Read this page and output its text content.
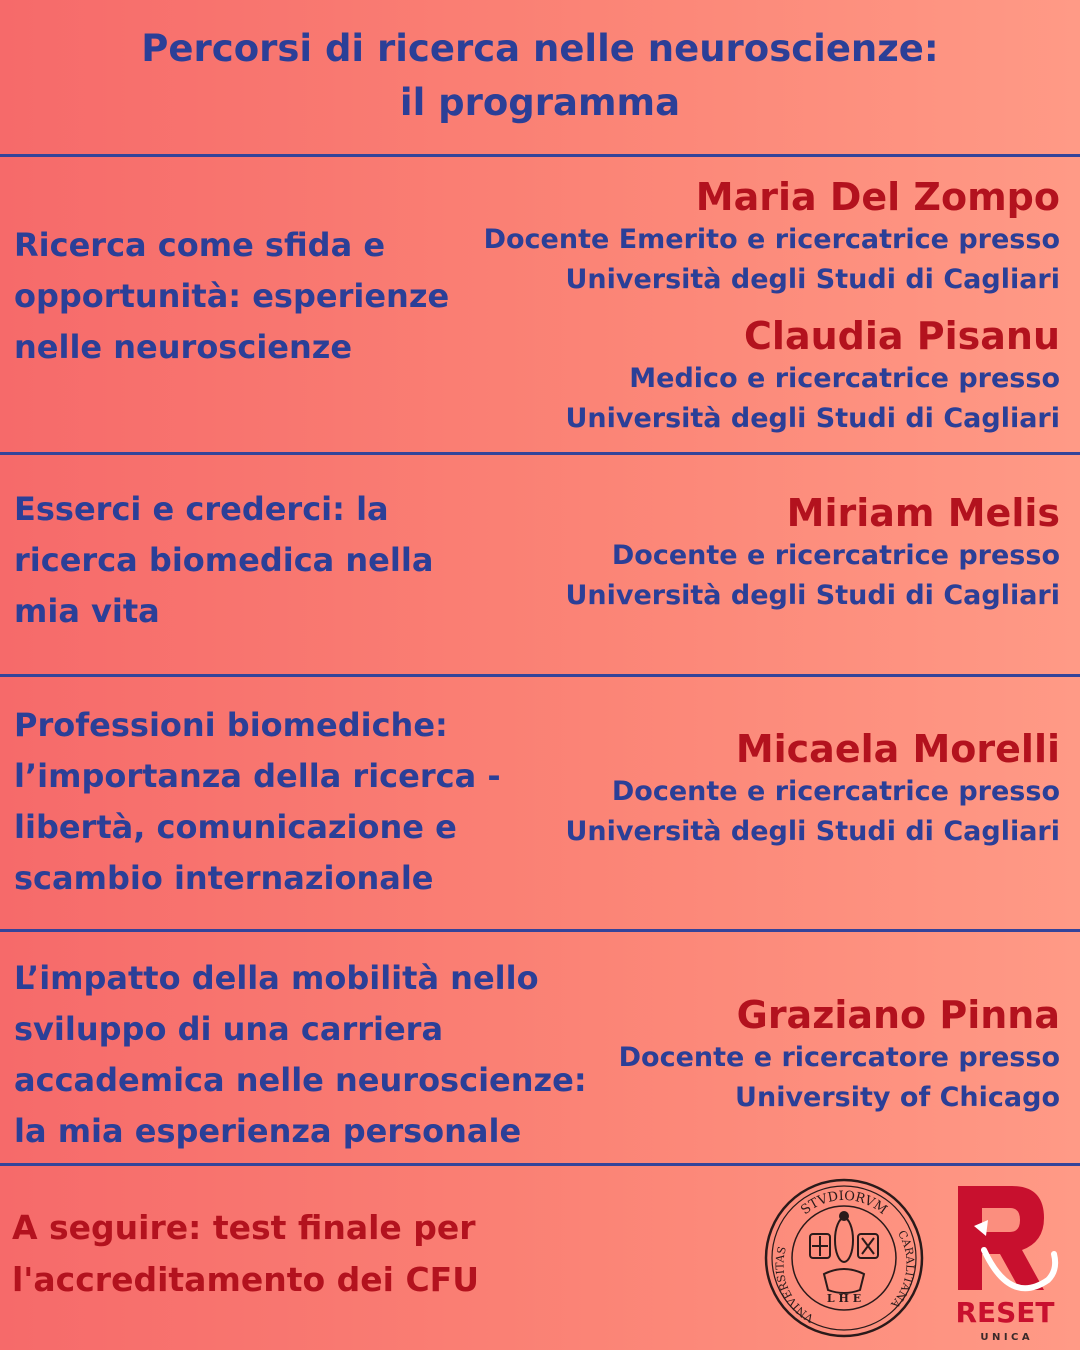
Percorsi di ricerca nelle neuroscienze:
il programma
Ricerca come sfida e
opportunità: esperienze
nelle neuroscienze
Maria Del Zompo
Docente Emerito e ricercatrice presso
Università degli Studi di Cagliari
Claudia Pisanu
Medico e ricercatrice presso
Università degli Studi di Cagliari
Esserci e crederci: la
ricerca biomedica nella
mia vita
Miriam Melis
Docente e ricercatrice presso
Università degli Studi di Cagliari
Professioni biomediche:
l’importanza della ricerca -
libertà, comunicazione e
scambio internazionale
Micaela Morelli
Docente e ricercatrice presso
Università degli Studi di Cagliari
L’impatto della mobilità nello
sviluppo di una carriera
accademica nelle neuroscienze:
la mia esperienza personale
Graziano Pinna
Docente e ricercatore presso
University of Chicago
A seguire: test finale per
l'accreditamento dei CFU
STVDIORVM
CARALITANA
VNIVERSITAS
L H E	RESET
U N I C A
